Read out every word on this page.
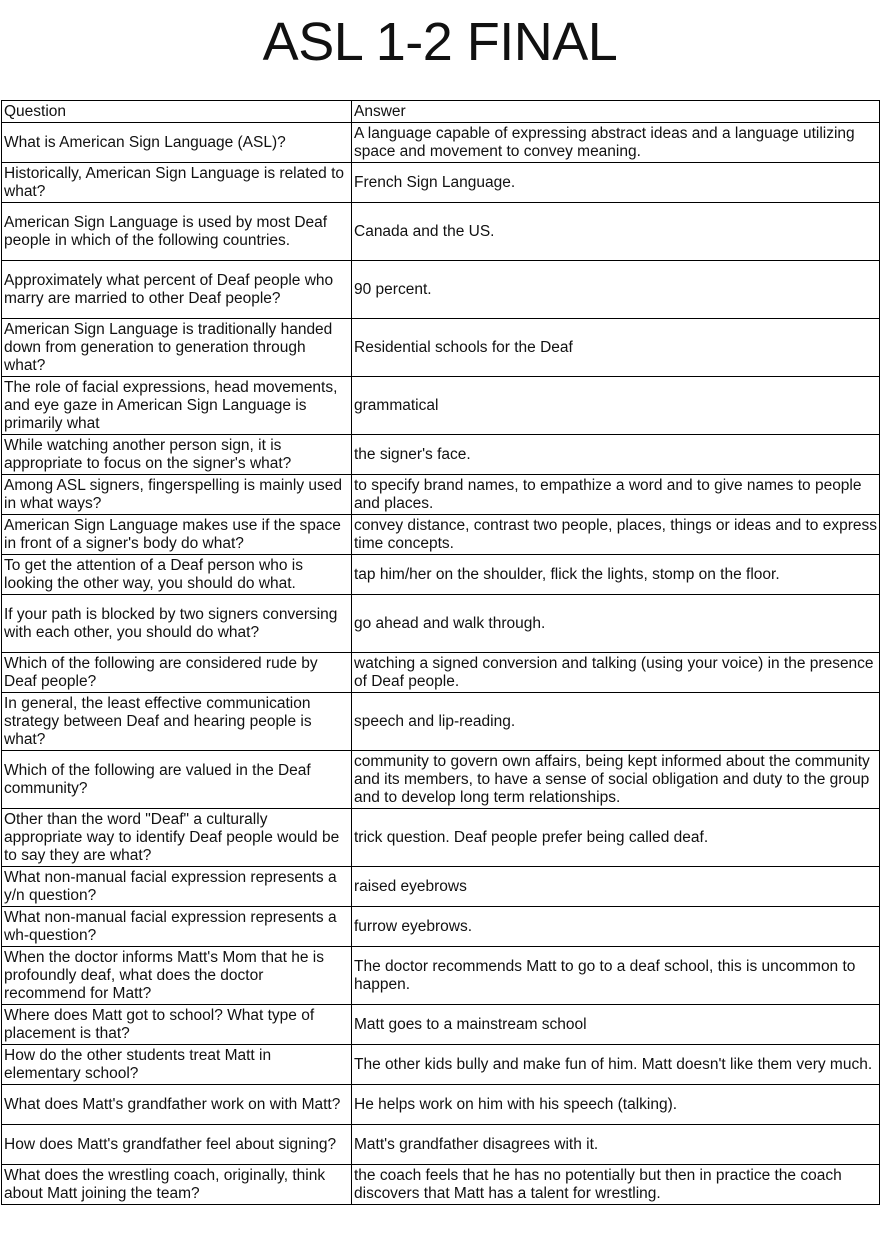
ASL 1-2 FINAL
Question	Answer
What is American Sign Language (ASL)?	A language capable of expressing abstract ideas and a language utilizing space and movement to convey meaning.
Historically, American Sign Language is related to what?	French Sign Language.
American Sign Language is used by most Deaf people in which of the following countries.	Canada and the US.
Approximately what percent of Deaf people who marry are married to other Deaf people?	90 percent.
American Sign Language is traditionally handed down from generation to generation through what?	Residential schools for the Deaf
The role of facial expressions, head movements, and eye gaze in American Sign Language is primarily what	grammatical
While watching another person sign, it is appropriate to focus on the signer's what?	the signer's face.
Among ASL signers, fingerspelling is mainly used in what ways?	to specify brand names, to empathize a word and to give names to people and places.
American Sign Language makes use if the space in front of a signer's body do what?	convey distance, contrast two people, places, things or ideas and to express time concepts.
To get the attention of a Deaf person who is looking the other way, you should do what.	tap him/her on the shoulder, flick the lights, stomp on the floor.
If your path is blocked by two signers conversing with each other, you should do what?	go ahead and walk through.
Which of the following are considered rude by Deaf people?	watching a signed conversion and talking (using your voice) in the presence of Deaf people.
In general, the least effective communication strategy between Deaf and hearing people is what?	speech and lip-reading.
Which of the following are valued in the Deaf community?	community to govern own affairs, being kept informed about the community and its members, to have a sense of social obligation and duty to the group and to develop long term relationships.
Other than the word "Deaf" a culturally appropriate way to identify Deaf people would be to say they are what?	trick question. Deaf people prefer being called deaf.
What non-manual facial expression represents a y/n question?	raised eyebrows
What non-manual facial expression represents a wh-question?	furrow eyebrows.
When the doctor informs Matt's Mom that he is profoundly deaf, what does the doctor recommend for Matt?	The doctor recommends Matt to go to a deaf school, this is uncommon to happen.
Where does Matt got to school? What type of placement is that?	Matt goes to a mainstream school
How do the other students treat Matt in elementary school?	The other kids bully and make fun of him. Matt doesn't like them very much.
What does Matt's grandfather work on with Matt?	He helps work on him with his speech (talking).
How does Matt's grandfather feel about signing?	Matt's grandfather disagrees with it.
What does the wrestling coach, originally, think about Matt joining the team?	the coach feels that he has no potentially but then in practice the coach discovers that Matt has a talent for wrestling.
